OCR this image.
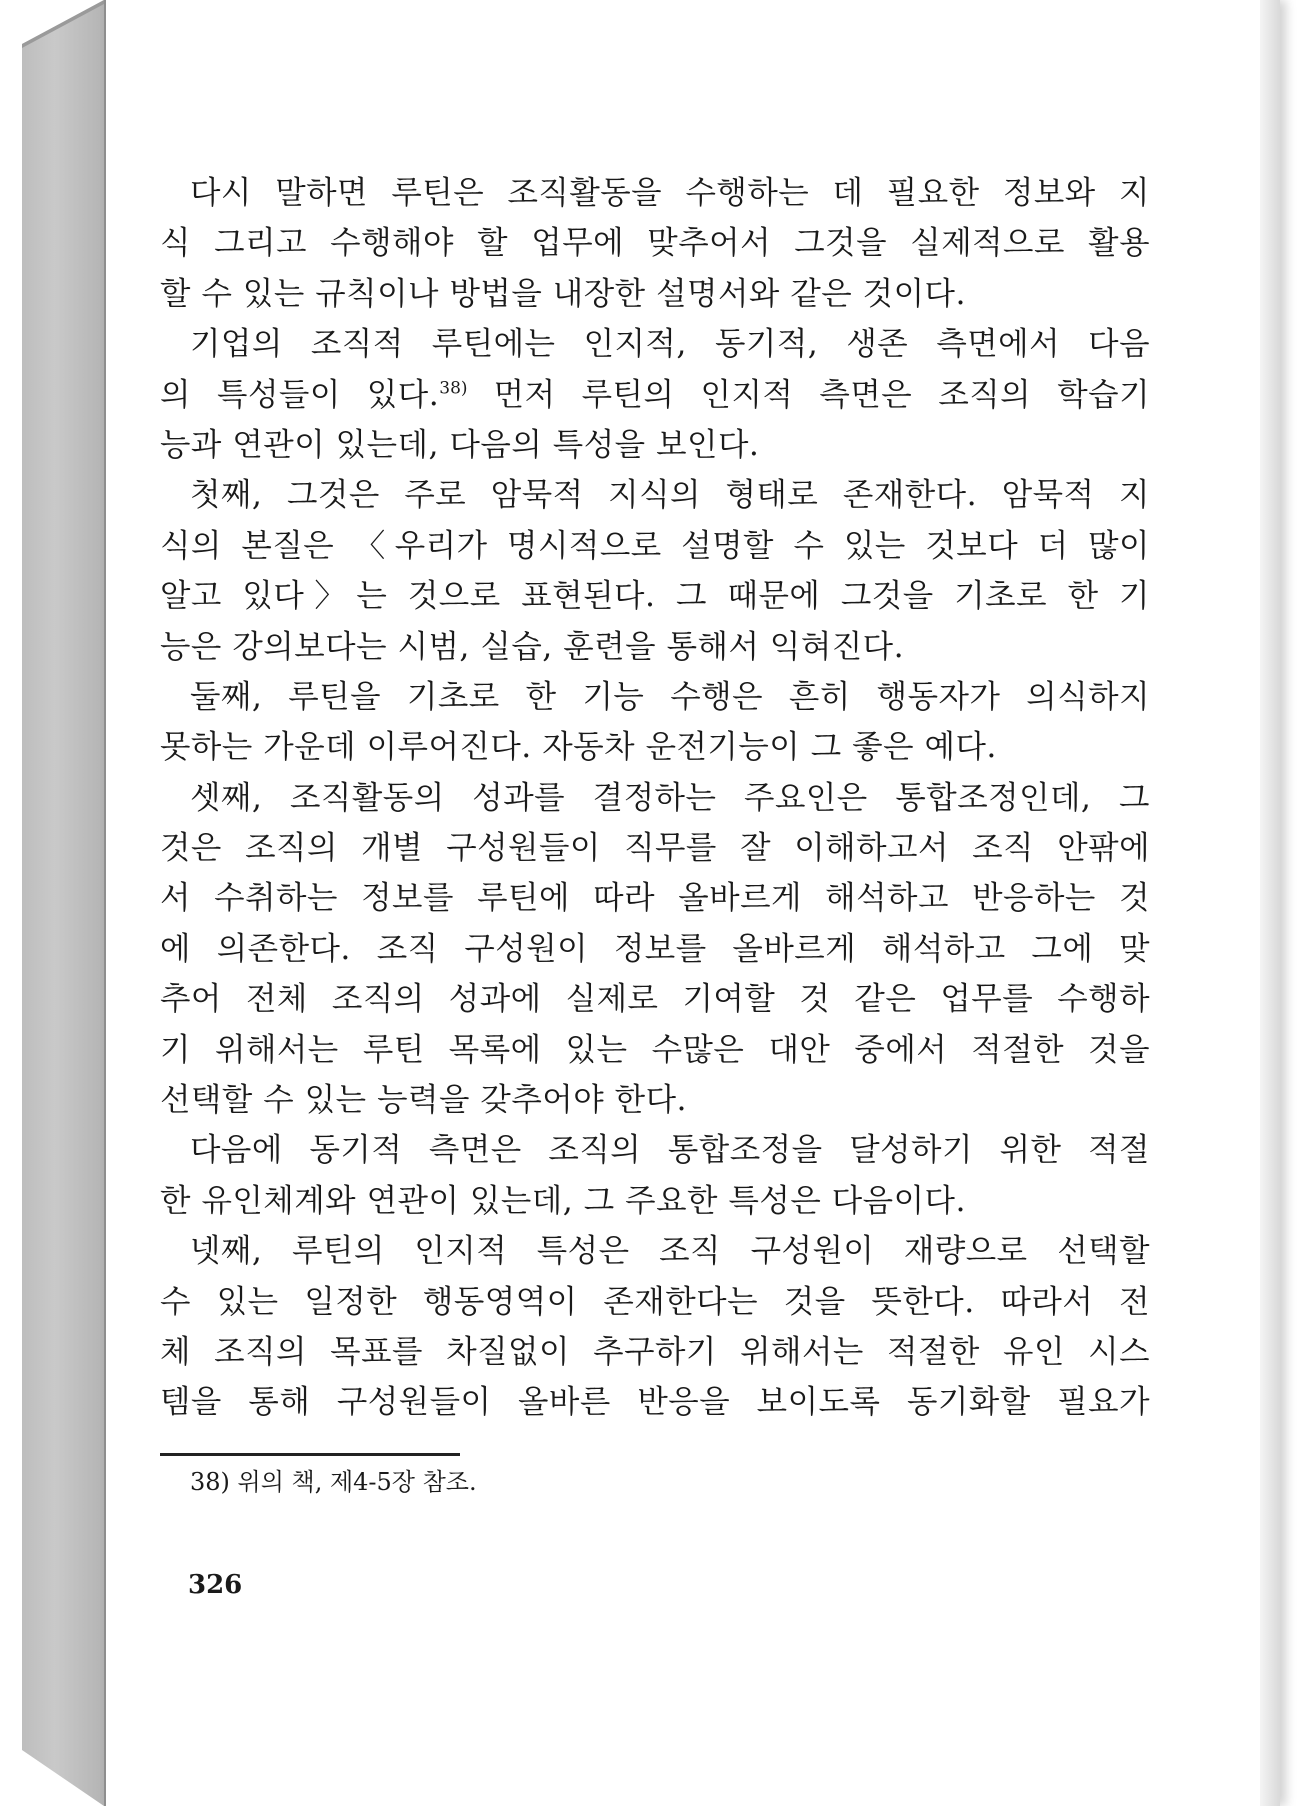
다시 말하면 루틴은 조직활동을 수행하는 데 필요한 정보와 지
식 그리고 수행해야 할 업무에 맞추어서 그것을 실제적으로 활용
할 수 있는 규칙이나 방법을 내장한 설명서와 같은 것이다.
기업의 조직적 루틴에는 인지적, 동기적, 생존 측면에서 다음
의 특성들이 있다.$^{38)}$ 먼저 루틴의 인지적 측면은 조직의 학습기
능과 연관이 있는데, 다음의 특성을 보인다.
첫째, 그것은 주로 암묵적 지식의 형태로 존재한다. 암묵적 지
식의 본질은 〈우리가 명시적으로 설명할 수 있는 것보다 더 많이
알고 있다〉는 것으로 표현된다. 그 때문에 그것을 기초로 한 기
능은 강의보다는 시범, 실습, 훈련을 통해서 익혀진다.
둘째, 루틴을 기초로 한 기능 수행은 흔히 행동자가 의식하지
못하는 가운데 이루어진다. 자동차 운전기능이 그 좋은 예다.
셋째, 조직활동의 성과를 결정하는 주요인은 통합조정인데, 그
것은 조직의 개별 구성원들이 직무를 잘 이해하고서 조직 안팎에
서 수취하는 정보를 루틴에 따라 올바르게 해석하고 반응하는 것
에 의존한다. 조직 구성원이 정보를 올바르게 해석하고 그에 맞
추어 전체 조직의 성과에 실제로 기여할 것 같은 업무를 수행하
기 위해서는 루틴 목록에 있는 수많은 대안 중에서 적절한 것을
선택할 수 있는 능력을 갖추어야 한다.
다음에 동기적 측면은 조직의 통합조정을 달성하기 위한 적절
한 유인체계와 연관이 있는데, 그 주요한 특성은 다음이다.
넷째, 루틴의 인지적 특성은 조직 구성원이 재량으로 선택할
수 있는 일정한 행동영역이 존재한다는 것을 뜻한다. 따라서 전
체 조직의 목표를 차질없이 추구하기 위해서는 적절한 유인 시스
템을 통해 구성원들이 올바른 반응을 보이도록 동기화할 필요가
38) 위의 책, 제4-5장 참조.
326
